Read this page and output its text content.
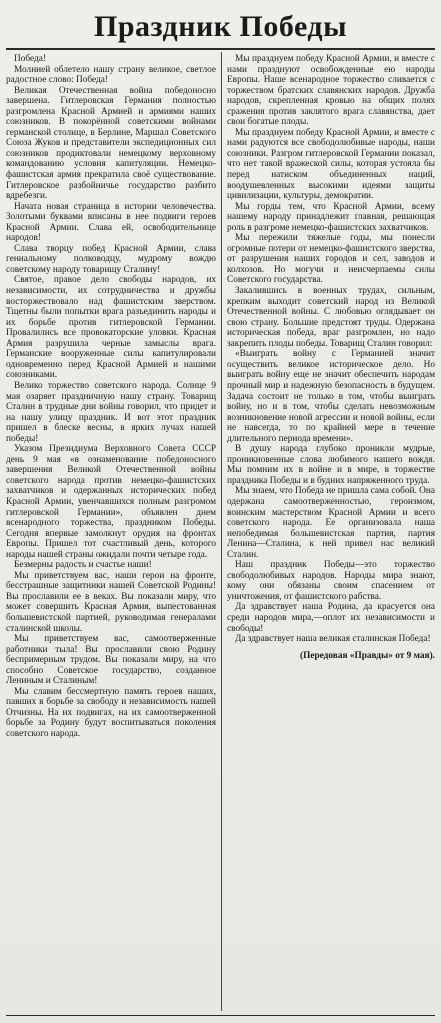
Праздник Победы

Победа!

Молнией облетело нашу страну великое, светлое радостное слово: Победа!

Великая Отечественная война победоносно завершена. Гитлеровская Германия полностью разгромлена Красной Армией и армиями наших союзников. В покорённой советскими войнами германской столице, в Берлине, Маршал Советского Союза Жуков и представители экспедиционных сил союзников продиктовали немецкому верховному командованию условия капитуляции. Немецко-фашистская армия прекратила своё существование. Гитлеровское разбойничье государство разбито вдребезги.

Начата новая страница в истории человечества. Золотыми буквами вписаны в нее подвиги героев Красной Армии. Слава ей, освободительнице народов!

Слава творцу побед Красной Армии, слава гениальному полководцу, мудрому вождю советскому народу товарищу Сталину!

Святое, правое дело свободы народов, их независимости, их сотрудничества и дружбы восторжествовало над фашистским зверством. Тщетны были попытки врага разъединить народы и их борьбе против гитлеровской Германии. Провалились все провокаторские уловки. Красная Армия разрушила черные замыслы врага. Германские вооруженные силы капитулировали одновременно перед Красной Армией и нашими союзниками.

Велико торжество советского народа. Солнце 9 мая озаряет праздничную нашу страну. Товарищ Сталин в трудные дни войны говорил, что придет и на нашу улицу праздник. И вот этот праздник пришел в блеске весны, в ярких лучах нашей победы!

Указом Президиума Верховного Совета СССР день 9 мая «в ознаменование победоносного завершения Великой Отечественной войны советского народа против немецко-фашистских захватчиков и одержанных исторических побед Красной Армии, увенчавшихся полным разгромом гитлеровской Германии», объявлен днем всенародного торжества, праздником Победы. Сегодня впервые замолкнут орудия на фронтах Европы. Пришел тот счастливый день, которого народы нашей страны ожидали почти четыре года.

Безмерны радость и счастье наши!

Мы приветствуем вас, наши герои на фронте, бесстрашные защитники нашей Советской Родины! Вы прославили ее в веках. Вы показали миру, что может совершить Красная Армия, выпестованная большевистской партией, руководимая генералами сталинской школы.

Мы приветствуем вас, самоотверженные работники тыла! Вы прославили свою Родину беспримерным трудом. Вы показали миру, на что способно Советское государство, созданное Лениным и Сталиным!

Мы славим бессмертную память героев наших, павших в борьбе за свободу и независимость нашей Отчизны. На их подвигах, на их самоотверженной борьбе за Родину будут воспитываться поколения советского народа.

Мы празднуем победу Красной Армии, и вместе с нами празднуют освобожденные ею народы Европы. Наше всенародное торжество сливается с торжеством братских славянских народов. Дружба народов, скрепленная кровью на общих полях сражения против заклятого врага славянства, дает свои богатые плоды.

Мы празднуем победу Красной Армии, и вместе с нами радуются все свободолюбивые народы, наши союзники. Разгром гитлеровской Германии показал, что нет такой вражеской силы, которая устояла бы перед натиском объединенных наций, воодушевленных высокими идеями защиты цивилизации, культуры, демократии.

Мы горды тем, что Красной Армии, всему нашему народу принадлежит главная, решающая роль в разгроме немецко-фашистских захватчиков.

Мы пережили тяжелые годы, мы понесли огромные потери от немецко-фашистского зверства, от разрушения наших городов и сел, заводов и колхозов. Но могучи и неисчерпаемы силы Советского государства.

Закалившись в военных трудах, сильным, крепким выходит советский народ из Великой Отечественной войны. С любовью оглядывает он свою страну. Большие предстоят труды. Одержана историческая победа, враг разгромлен, но надо закрепить плоды победы. Товарищ Сталин говорил:

«Выиграть войну с Германией значит осуществить великое историческое дело. Но выиграть войну еще не значит обеспечить народам прочный мир и надежную безопасность в будущем. Задача состоит не только в том, чтобы выиграть войну, но и в том, чтобы сделать невозможным возникновение новой агрессии и новой войны, если не навсегда, то по крайней мере в течение длительного периода времени».

В душу народа глубоко проникли мудрые, проникновенные слова любимого нашего вождя. Мы помним их в войне и в мире, в торжестве праздника Победы и в будних напряженного труда.

Мы знаем, что Победа не пришла сама собой. Она одержана самоотверженностью, героизмом, воинским мастерством Красной Армии и всего советского народа. Ее организовала наша непобедимая большевистская партия, партия Ленина—Сталина, к ней привел нас великий Сталин.

Наш праздник Победы—это торжество свободолюбивых народов. Народы мира знают, кому они обязаны своим спасением от уничтожения, от фашистского рабства.

Да здравствует наша Родина, да красуется она среди народов мира,—оплот их независимости и свободы!

Да здравствует наша великая сталинская Победа!

(Передовая «Правды» от 9 мая).
